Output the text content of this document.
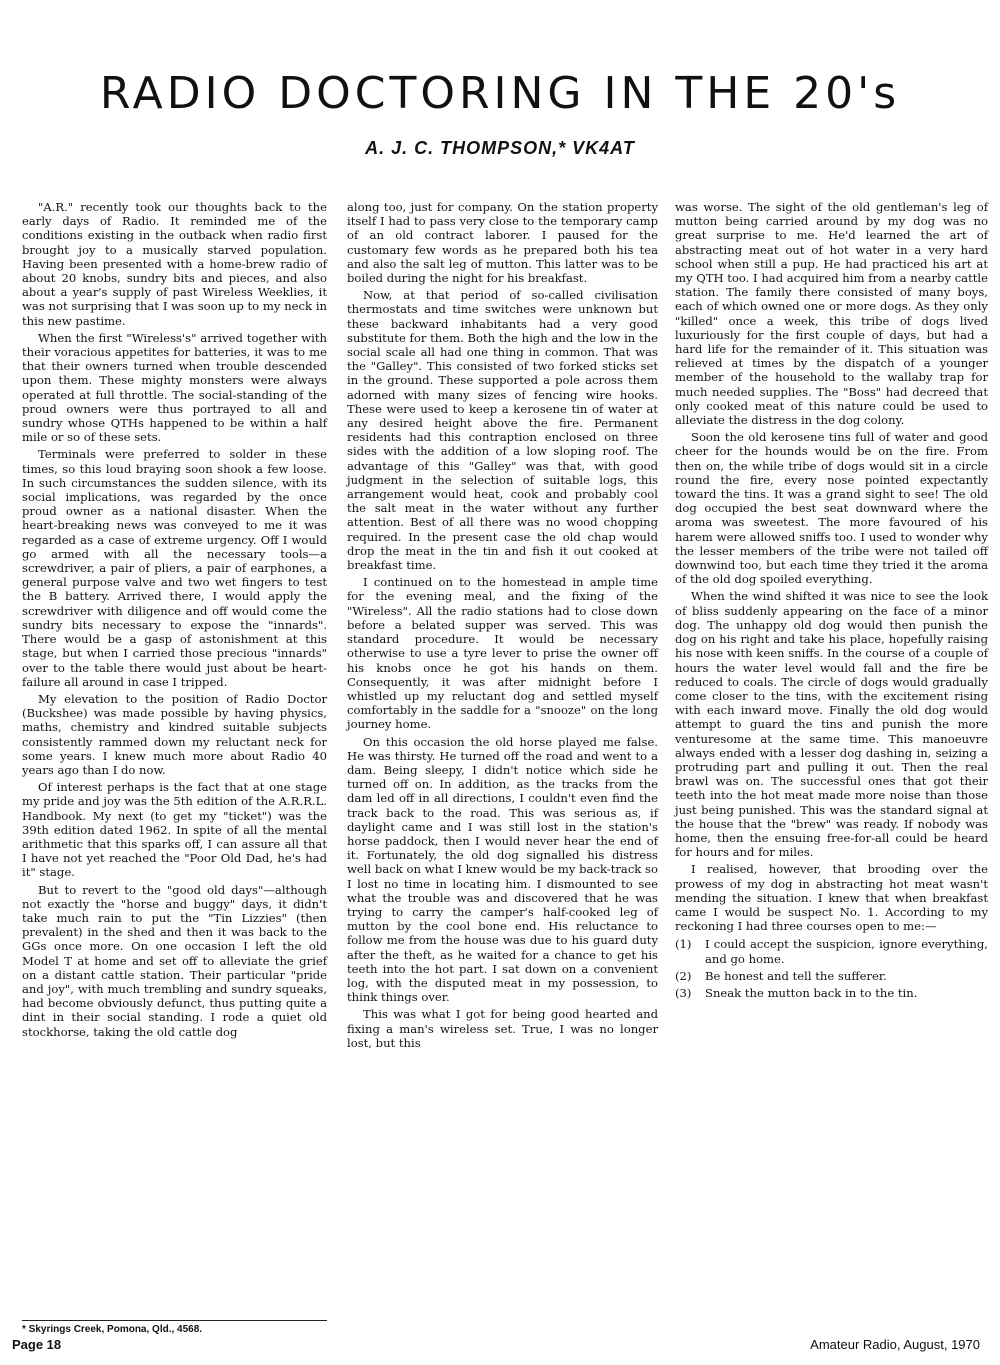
RADIO DOCTORING IN THE 20's
A. J. C. THOMPSON,* VK4AT

"A.R." recently took our thoughts back to the early days of Radio. It reminded me of the conditions existing in the outback when radio first brought joy to a musically starved population. Having been presented with a home-brew radio of about 20 knobs, sundry bits and pieces, and also about a year's supply of past Wireless Weeklies, it was not surprising that I was soon up to my neck in this new pastime.

When the first "Wireless's" arrived together with their voracious appetites for batteries, it was to me that their owners turned when trouble descended upon them. These mighty monsters were always operated at full throttle. The social-standing of the proud owners were thus portrayed to all and sundry whose QTHs happened to be within a half mile or so of these sets.

Terminals were preferred to solder in these times, so this loud braying soon shook a few loose. In such circumstances the sudden silence, with its social implications, was regarded by the once proud owner as a national disaster. When the heart-breaking news was conveyed to me it was regarded as a case of extreme urgency. Off I would go armed with all the necessary tools—a screwdriver, a pair of pliers, a pair of earphones, a general purpose valve and two wet fingers to test the B battery. Arrived there, I would apply the screwdriver with diligence and off would come the sundry bits necessary to expose the "innards". There would be a gasp of astonishment at this stage, but when I carried those precious "innards" over to the table there would just about be heart-failure all around in case I tripped.

My elevation to the position of Radio Doctor (Buckshee) was made possible by having physics, maths, chemistry and kindred suitable subjects consistently rammed down my reluctant neck for some years. I knew much more about Radio 40 years ago than I do now.

Of interest perhaps is the fact that at one stage my pride and joy was the 5th edition of the A.R.R.L. Handbook. My next (to get my "ticket") was the 39th edition dated 1962. In spite of all the mental arithmetic that this sparks off, I can assure all that I have not yet reached the "Poor Old Dad, he's had it" stage.

But to revert to the "good old days"—although not exactly the "horse and buggy" days, it didn't take much rain to put the "Tin Lizzies" (then prevalent) in the shed and then it was back to the GGs once more. On one occasion I left the old Model T at home and set off to alleviate the grief on a distant cattle station. Their particular "pride and joy", with much trembling and sundry squeaks, had become obviously defunct, thus putting quite a dint in their social standing. I rode a quiet old stockhorse, taking the old cattle dog

along too, just for company. On the station property itself I had to pass very close to the temporary camp of an old contract laborer. I paused for the customary few words as he prepared both his tea and also the salt leg of mutton. This latter was to be boiled during the night for his breakfast.

Now, at that period of so-called civilisation thermostats and time switches were unknown but these backward inhabitants had a very good substitute for them. Both the high and the low in the social scale all had one thing in common. That was the "Galley". This consisted of two forked sticks set in the ground. These supported a pole across them adorned with many sizes of fencing wire hooks. These were used to keep a kerosene tin of water at any desired height above the fire. Permanent residents had this contraption enclosed on three sides with the addition of a low sloping roof. The advantage of this "Galley" was that, with good judgment in the selection of suitable logs, this arrangement would heat, cook and probably cool the salt meat in the water without any further attention. Best of all there was no wood chopping required. In the present case the old chap would drop the meat in the tin and fish it out cooked at breakfast time.

I continued on to the homestead in ample time for the evening meal, and the fixing of the "Wireless". All the radio stations had to close down before a belated supper was served. This was standard procedure. It would be necessary otherwise to use a tyre lever to prise the owner off his knobs once he got his hands on them. Consequently, it was after midnight before I whistled up my reluctant dog and settled myself comfortably in the saddle for a "snooze" on the long journey home.

On this occasion the old horse played me false. He was thirsty. He turned off the road and went to a dam. Being sleepy, I didn't notice which side he turned off on. In addition, as the tracks from the dam led off in all directions, I couldn't even find the track back to the road. This was serious as, if daylight came and I was still lost in the station's horse paddock, then I would never hear the end of it. Fortunately, the old dog signalled his distress well back on what I knew would be my back-track so I lost no time in locating him. I dismounted to see what the trouble was and discovered that he was trying to carry the camper's half-cooked leg of mutton by the cool bone end. His reluctance to follow me from the house was due to his guard duty after the theft, as he waited for a chance to get his teeth into the hot part. I sat down on a convenient log, with the disputed meat in my possession, to think things over.

This was what I got for being good hearted and fixing a man's wireless set. True, I was no longer lost, but this

was worse. The sight of the old gentleman's leg of mutton being carried around by my dog was no great surprise to me. He'd learned the art of abstracting meat out of hot water in a very hard school when still a pup. He had practiced his art at my QTH too. I had acquired him from a nearby cattle station. The family there consisted of many boys, each of which owned one or more dogs. As they only "killed" once a week, this tribe of dogs lived luxuriously for the first couple of days, but had a hard life for the remainder of it. This situation was relieved at times by the dispatch of a younger member of the household to the wallaby trap for much needed supplies. The "Boss" had decreed that only cooked meat of this nature could be used to alleviate the distress in the dog colony.

Soon the old kerosene tins full of water and good cheer for the hounds would be on the fire. From then on, the while tribe of dogs would sit in a circle round the fire, every nose pointed expectantly toward the tins. It was a grand sight to see! The old dog occupied the best seat downward where the aroma was sweetest. The more favoured of his harem were allowed sniffs too. I used to wonder why the lesser members of the tribe were not tailed off downwind too, but each time they tried it the aroma of the old dog spoiled everything.

When the wind shifted it was nice to see the look of bliss suddenly appearing on the face of a minor dog. The unhappy old dog would then punish the dog on his right and take his place, hopefully raising his nose with keen sniffs. In the course of a couple of hours the water level would fall and the fire be reduced to coals. The circle of dogs would gradually come closer to the tins, with the excitement rising with each inward move. Finally the old dog would attempt to guard the tins and punish the more venturesome at the same time. This manoeuvre always ended with a lesser dog dashing in, seizing a protruding part and pulling it out. Then the real brawl was on. The successful ones that got their teeth into the hot meat made more noise than those just being punished. This was the standard signal at the house that the "brew" was ready. If nobody was home, then the ensuing free-for-all could be heard for hours and for miles.

I realised, however, that brooding over the prowess of my dog in abstracting hot meat wasn't mending the situation. I knew that when breakfast came I would be suspect No. 1. According to my reckoning I had three courses open to me:—

(1)	I could accept the suspicion, ignore everything, and go home.
(2)	Be honest and tell the sufferer.
(3)	Sneak the mutton back in to the tin.
* Skyrings Creek, Pomona, Qld., 4568.
Page 18	Amateur Radio, August, 1970
